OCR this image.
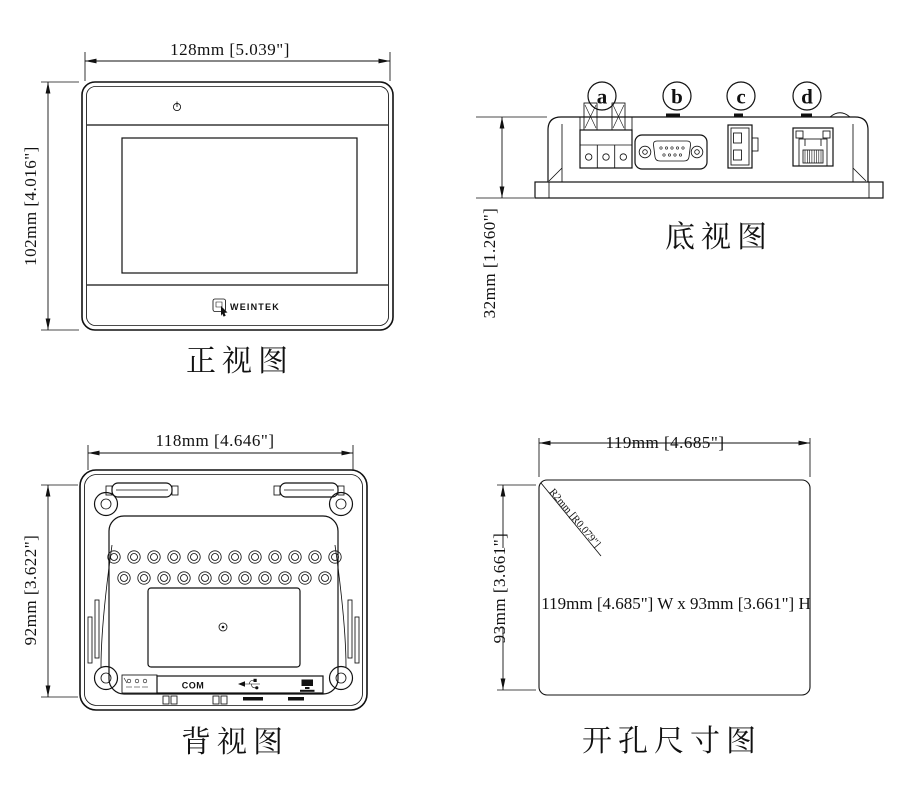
128mm [5.039"]
102mm [4.016"]
WEINTEK
正视图
a	b	c	d
32mm [1.260"]	底视图
118mm [4.646"]
92mm [3.622"]
COM
背视图
119mm [4.685"]
93mm [3.661"]
R2mm [R0.079"]
119mm [4.685"] W x 93mm [3.661"] H
开孔尺寸图
